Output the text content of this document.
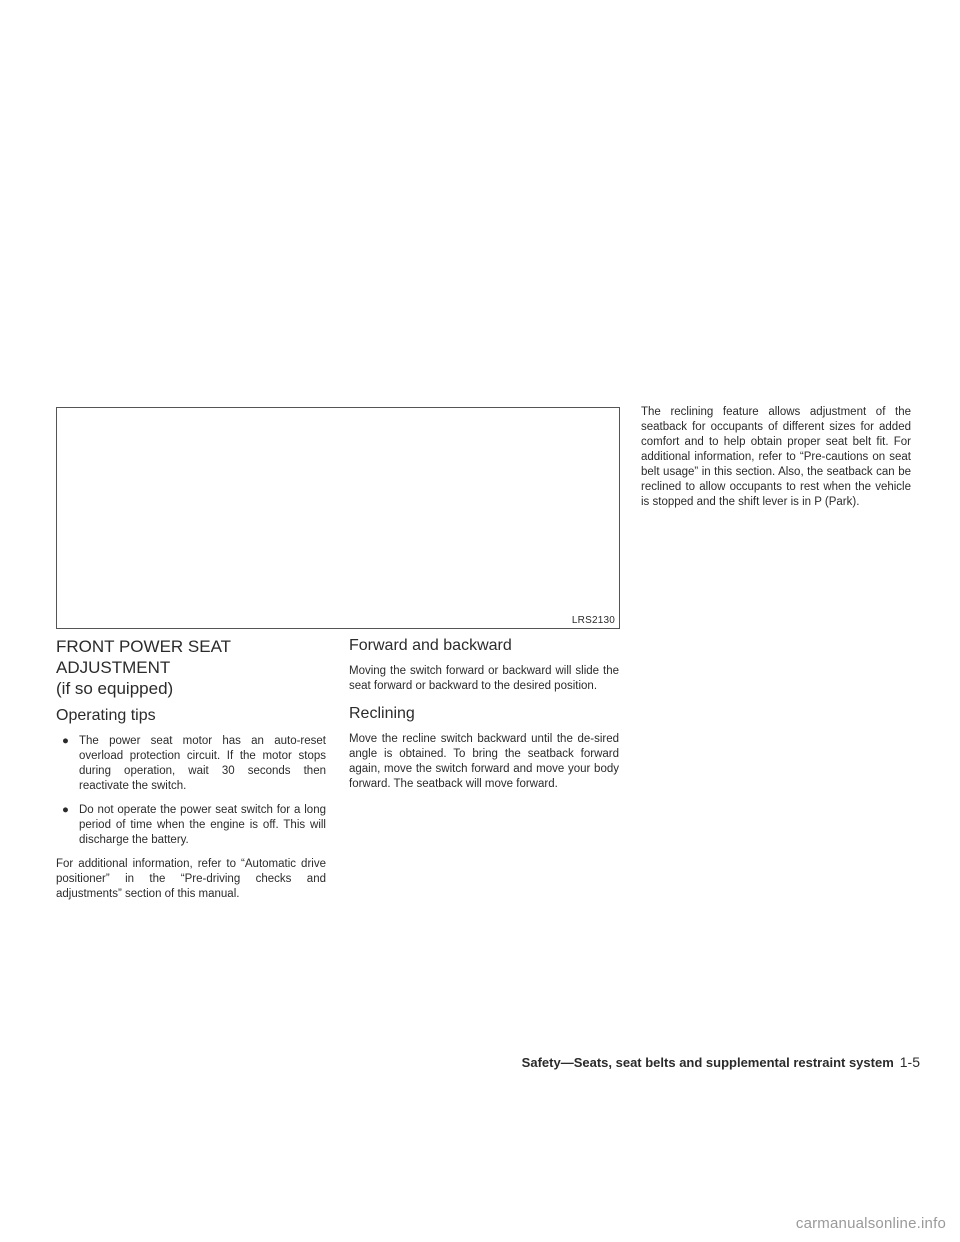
LRS2130
FRONT POWER SEAT ADJUSTMENT
(if so equipped)
Operating tips
● The power seat motor has an auto-reset overload protection circuit. If the motor stops during operation, wait 30 seconds then reactivate the switch.
● Do not operate the power seat switch for a long period of time when the engine is off. This will discharge the battery.

For additional information, refer to “Automatic drive positioner” in the “Pre-driving checks and adjustments” section of this manual.

Forward and backward

Moving the switch forward or backward will slide the seat forward or backward to the desired position.

Reclining

Move the recline switch backward until the de-sired angle is obtained. To bring the seatback forward again, move the switch forward and move your body forward. The seatback will move forward.

The reclining feature allows adjustment of the seatback for occupants of different sizes for added comfort and to help obtain proper seat belt fit. For additional information, refer to “Pre-cautions on seat belt usage” in this section. Also, the seatback can be reclined to allow occupants to rest when the vehicle is stopped and the shift lever is in P (Park).

Safety—Seats, seat belts and supplemental restraint system 1-5
carmanualsonline.info
